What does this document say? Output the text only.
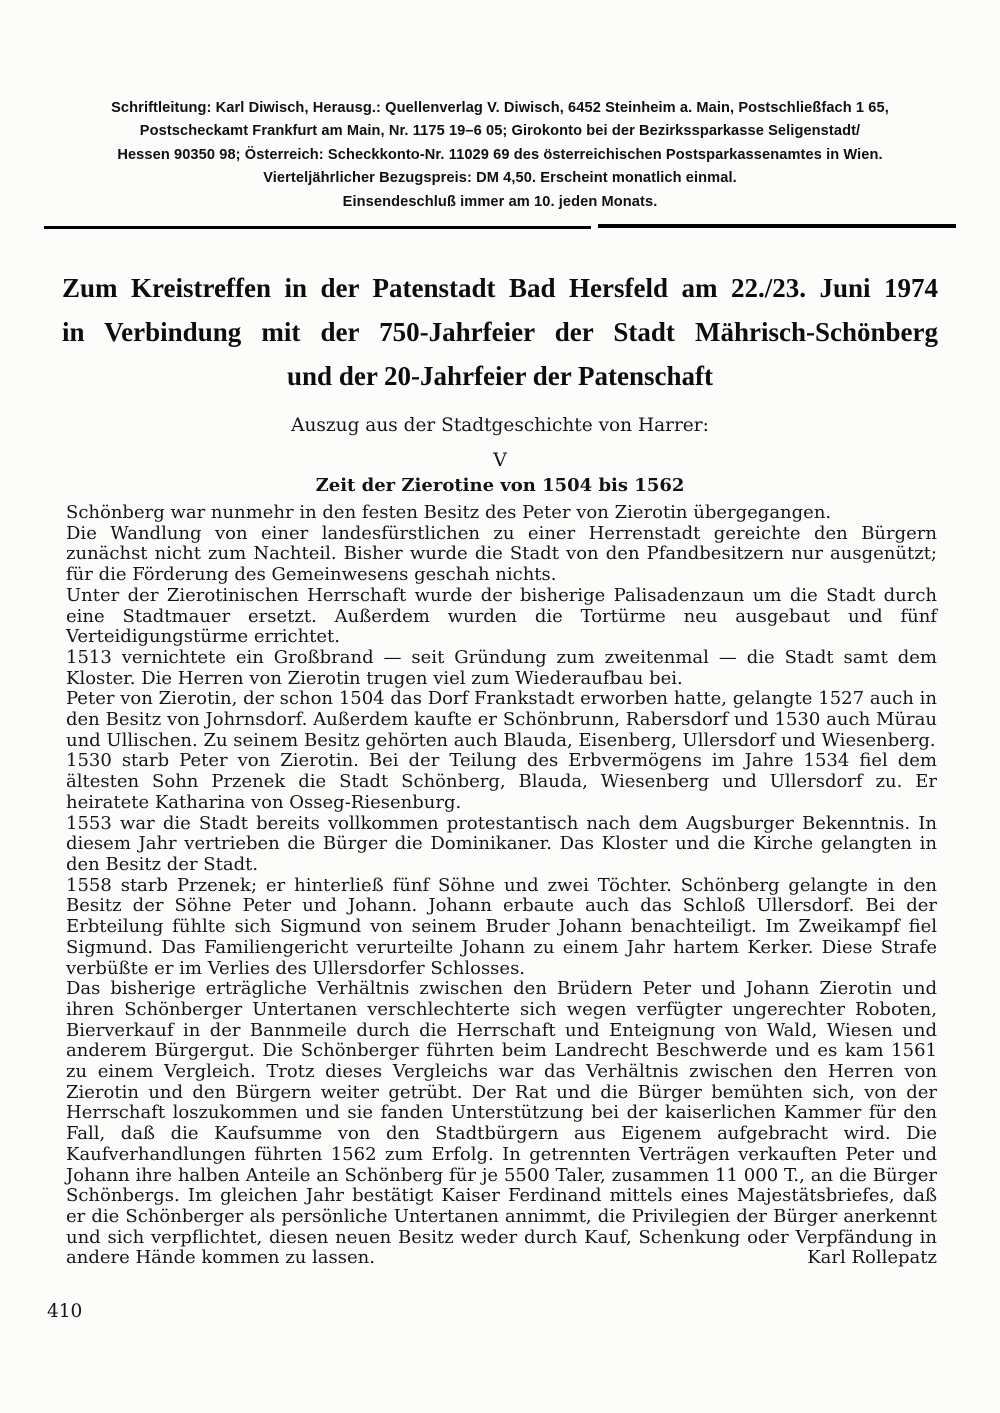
Schriftleitung: Karl Diwisch, Herausg.: Quellenverlag V. Diwisch, 6452 Steinheim a. Main, Postschließfach 1 65,
Postscheckamt Frankfurt am Main, Nr. 1175 19–6 05; Girokonto bei der Bezirkssparkasse Seligenstadt/
Hessen 90350 98; Österreich: Scheckkonto-Nr. 11029 69 des österreichischen Postsparkassenamtes in Wien.
Vierteljährlicher Bezugspreis: DM 4,50. Erscheint monatlich einmal.
Einsendeschluß immer am 10. jeden Monats.
Zum Kreistreffen in der Patenstadt Bad Hersfeld am 22./23. Juni 1974
in Verbindung mit der 750-Jahrfeier der Stadt Mährisch-Schönberg
und der 20-Jahrfeier der Patenschaft
Auszug aus der Stadtgeschichte von Harrer:
V
Zeit der Zierotine von 1504 bis 1562

Schönberg war nunmehr in den festen Besitz des Peter von Zierotin übergegangen.

Die Wandlung von einer landesfürstlichen zu einer Herrenstadt gereichte den Bürgern zunächst nicht zum Nachteil. Bisher wurde die Stadt von den Pfandbesitzern nur ausgenützt; für die Förderung des Gemeinwesens geschah nichts.

Unter der Zierotinischen Herrschaft wurde der bisherige Palisadenzaun um die Stadt durch eine Stadtmauer ersetzt. Außerdem wurden die Tortürme neu ausgebaut und fünf Verteidigungstürme errichtet.

1513 vernichtete ein Großbrand — seit Gründung zum zweitenmal — die Stadt samt dem Kloster. Die Herren von Zierotin trugen viel zum Wiederaufbau bei.

Peter von Zierotin, der schon 1504 das Dorf Frankstadt erworben hatte, gelangte 1527 auch in den Besitz von Johrnsdorf. Außerdem kaufte er Schönbrunn, Rabersdorf und 1530 auch Mürau und Ullischen. Zu seinem Besitz gehörten auch Blauda, Eisenberg, Ullersdorf und Wiesenberg.

1530 starb Peter von Zierotin. Bei der Teilung des Erbvermögens im Jahre 1534 fiel dem ältesten Sohn Przenek die Stadt Schönberg, Blauda, Wiesenberg und Ullersdorf zu. Er heiratete Katharina von Osseg-Riesenburg.

1553 war die Stadt bereits vollkommen protestantisch nach dem Augsburger Bekenntnis. In diesem Jahr vertrieben die Bürger die Dominikaner. Das Kloster und die Kirche gelangten in den Besitz der Stadt.

1558 starb Przenek; er hinterließ fünf Söhne und zwei Töchter. Schönberg gelangte in den Besitz der Söhne Peter und Johann. Johann erbaute auch das Schloß Ullersdorf. Bei der Erbteilung fühlte sich Sigmund von seinem Bruder Johann benachteiligt. Im Zweikampf fiel Sigmund. Das Familiengericht verurteilte Johann zu einem Jahr hartem Kerker. Diese Strafe verbüßte er im Verlies des Ullersdorfer Schlosses.

Das bisherige erträgliche Verhältnis zwischen den Brüdern Peter und Johann Zierotin und ihren Schönberger Untertanen verschlechterte sich wegen verfügter ungerechter Roboten, Bierverkauf in der Bannmeile durch die Herrschaft und Enteignung von Wald, Wiesen und anderem Bürgergut. Die Schönberger führten beim Landrecht Beschwerde und es kam 1561 zu einem Vergleich. Trotz dieses Vergleichs war das Verhältnis zwischen den Herren von Zierotin und den Bürgern weiter getrübt. Der Rat und die Bürger bemühten sich, von der Herrschaft loszukommen und sie fanden Unterstützung bei der kaiserlichen Kammer für den Fall, daß die Kaufsumme von den Stadtbürgern aus Eigenem aufgebracht wird. Die Kaufverhandlungen führten 1562 zum Erfolg. In getrennten Verträgen verkauften Peter und Johann ihre halben Anteile an Schönberg für je 5500 Taler, zusammen 11 000 T., an die Bürger Schönbergs. Im gleichen Jahr bestätigt Kaiser Ferdinand mittels eines Majestätsbriefes, daß er die Schönberger als persönliche Untertanen annimmt, die Privilegien der Bürger anerkennt und sich verpflichtet, diesen neuen Besitz weder durch Kauf, Schenkung oder Verpfändung in andere Hände kommen zu lassen.	Karl Rollepatz
410
